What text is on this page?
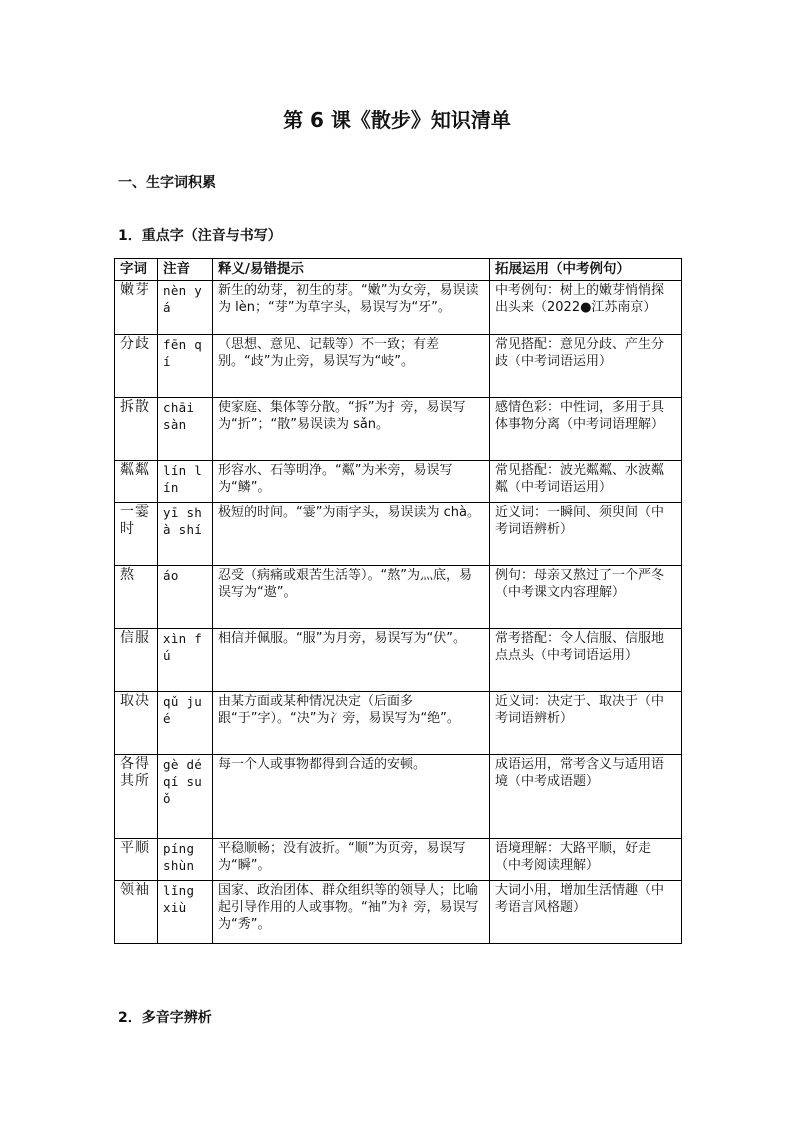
第 6 课《散步》知识清单
一、生字词积累
1．重点字（注音与书写）
字词	注音	释义/易错提示	拓展运用（中考例句）
嫩芽	nèn yá	新生的幼芽，初生的芽。“嫩”为女旁，易误读为 lèn；“芽”为草字头，易误写为“牙”。	中考例句：树上的嫩芽悄悄探出头来（2022●江苏南京）
分歧	fēn qí	（思想、意见、记载等）不一致；有差别。“歧”为止旁，易误写为“岐”。	常见搭配：意见分歧、产生分歧（中考词语运用）
拆散	chāi sàn	使家庭、集体等分散。“拆”为扌旁，易误写为“折”；“散”易误读为 sǎn。	感情色彩：中性词，多用于具体事物分离（中考词语理解）
粼粼	lín lín	形容水、石等明净。“粼”为米旁，易误写为“鳞”。	常见搭配：波光粼粼、水波粼粼（中考词语运用）
一霎时	yī shà shí	极短的时间。“霎”为雨字头，易误读为 chà。	近义词：一瞬间、须臾间（中考词语辨析）
熬	áo	忍受（病痛或艰苦生活等）。“熬”为灬底，易误写为“遨”。	例句：母亲又熬过了一个严冬（中考课文内容理解）
信服	xìn fú	相信并佩服。“服”为月旁，易误写为“伏”。	常考搭配：令人信服、信服地点点头（中考词语运用）
取决	qǔ jué	由某方面或某种情况决定（后面多跟“于”字）。“决”为冫旁，易误写为“绝”。	近义词：决定于、取决于（中考词语辨析）
各得其所	gè dé qí suǒ	每一个人或事物都得到合适的安顿。	成语运用，常考含义与适用语境（中考成语题）
平顺	píng shùn	平稳顺畅；没有波折。“顺”为页旁，易误写为“瞬”。	语境理解：大路平顺，好走（中考阅读理解）
领袖	lǐng xiù	国家、政治团体、群众组织等的领导人；比喻起引导作用的人或事物。“袖”为衤旁，易误写为“秀”。	大词小用，增加生活情趣（中考语言风格题）
2．多音字辨析
